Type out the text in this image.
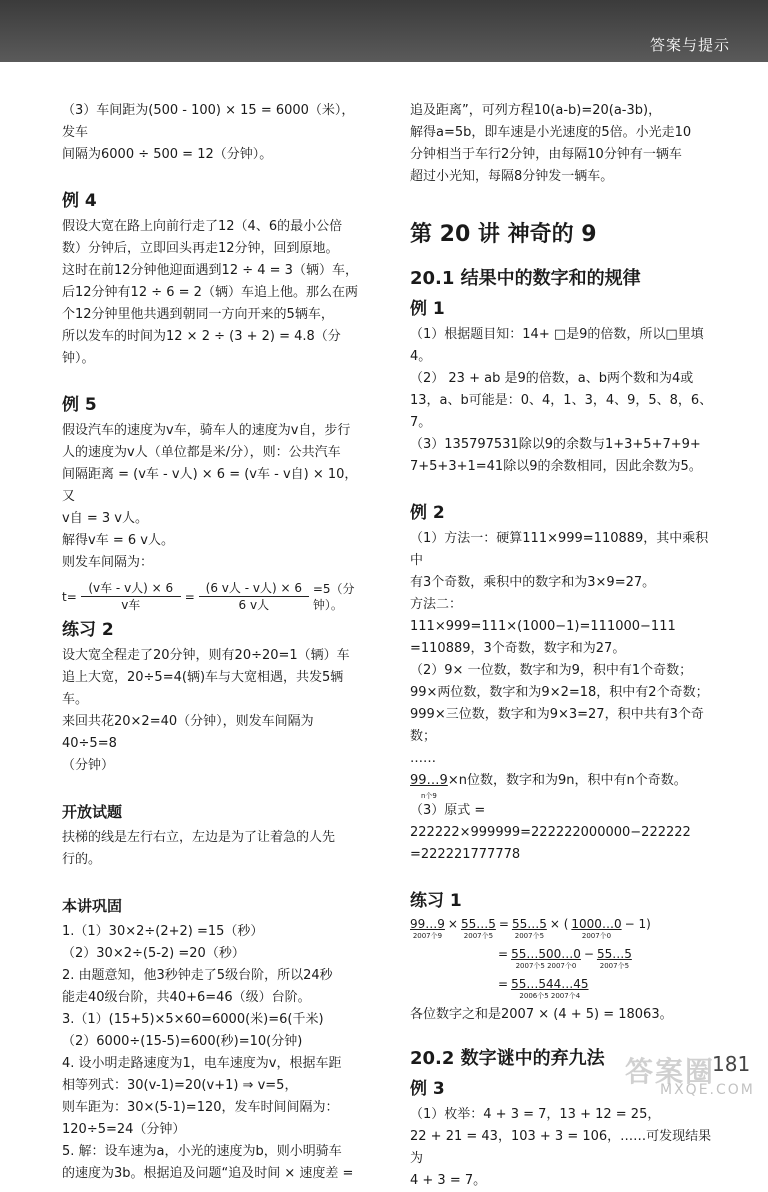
答案与提示

（3）车间距为(500 - 100) × 15 = 6000（米），发车

间隔为6000 ÷ 500 = 12（分钟）。

例 4

假设大宽在路上向前行走了12（4、6的最小公倍

数）分钟后，立即回头再走12分钟，回到原地。

这时在前12分钟他迎面遇到12 ÷ 4 = 3（辆）车，

后12分钟有12 ÷ 6 = 2（辆）车追上他。那么在两

个12分钟里他共遇到朝同一方向开来的5辆车，

所以发车的时间为12 × 2 ÷ (3 + 2) = 4.8（分钟）。

例 5

假设汽车的速度为v车，骑车人的速度为v自，步行

人的速度为v人（单位都是米/分），则：公共汽车

间隔距离 = (v车 - v人) × 6 = (v车 - v自) × 10，又

v自 = 3 v人。

解得v车 = 6 v人。

则发车间隔为：

t=
(v车 - v人) × 6
v车
=
(6 v人 - v人) × 6
6 v人
=5（分钟）。
练习 2

设大宽全程走了20分钟，则有20÷20=1（辆）车

追上大宽，20÷5=4(辆)车与大宽相遇，共发5辆车。

来回共花20×2=40（分钟），则发车间隔为40÷5=8

（分钟）

开放试题

扶梯的线是左行右立，左边是为了让着急的人先

行的。

本讲巩固

1.（1）30×2÷(2+2) =15（秒）

（2）30×2÷(5-2) =20（秒）

2. 由题意知，他3秒钟走了5级台阶，所以24秒

能走40级台阶，共40+6=46（级）台阶。

3.（1）(15+5)×5×60=6000(米)=6(千米)

（2）6000÷(15-5)=600(秒)=10(分钟)

4. 设小明走路速度为1，电车速度为v，根据车距

相等列式：30(v-1)=20(v+1) ⇒ v=5，

则车距为：30×(5-1)=120，发车时间间隔为：

120÷5=24（分钟）

5. 解：设车速为a，小光的速度为b，则小明骑车

的速度为3b。根据追及问题“追及时间 × 速度差 =

追及距离”，可列方程10(a-b)=20(a-3b)，

解得a=5b，即车速是小光速度的5倍。小光走10

分钟相当于车行2分钟，由每隔10分钟有一辆车

超过小光知，每隔8分钟发一辆车。

第 20 讲 神奇的 9
20.1 结果中的数字和的规律
例 1

（1）根据题目知：14+ □是9的倍数，所以□里填4。

（2） 23 + ab 是9的倍数，a、b两个数和为4或

13，a、b可能是：0、4，1、3，4、9，5、8，6、7。

（3）135797531除以9的余数与1+3+5+7+9+

7+5+3+1=41除以9的余数相同，因此余数为5。

例 2

（1）方法一：硬算111×999=110889，其中乘积中

有3个奇数，乘积中的数字和为3×9=27。

方法二：111×999=111×(1000−1)=111000−111

=110889，3个奇数，数字和为27。

（2）9× 一位数，数字和为9，积中有1个奇数；

99×两位数，数字和为9×2=18，积中有2个奇数；

999×三位数，数字和为9×3=27，积中共有3个奇数；

……

99…9
n个9
×n位数，数字和为9n，积中有n个奇数。

（3）原式 = 222222×999999=222222000000−222222

=222221777778

练习 1
99…9
2007个9
× 55…5
2007个5
= 55…5
2007个5
× ( 1000…0
2007个0
− 1)
= 55…500…0
2007个5 2007个0
− 55…5
2007个5
= 55…544…45
2006个5 2007个4

各位数字之和是2007 × (4 + 5) = 18063。

20.2 数字谜中的弃九法
例 3

（1）枚举：4 + 3 = 7，13 + 12 = 25，

22 + 21 = 43，103 + 3 = 106，……可发现结果为

4 + 3 = 7。

答案圈
MXQE.COM
181
